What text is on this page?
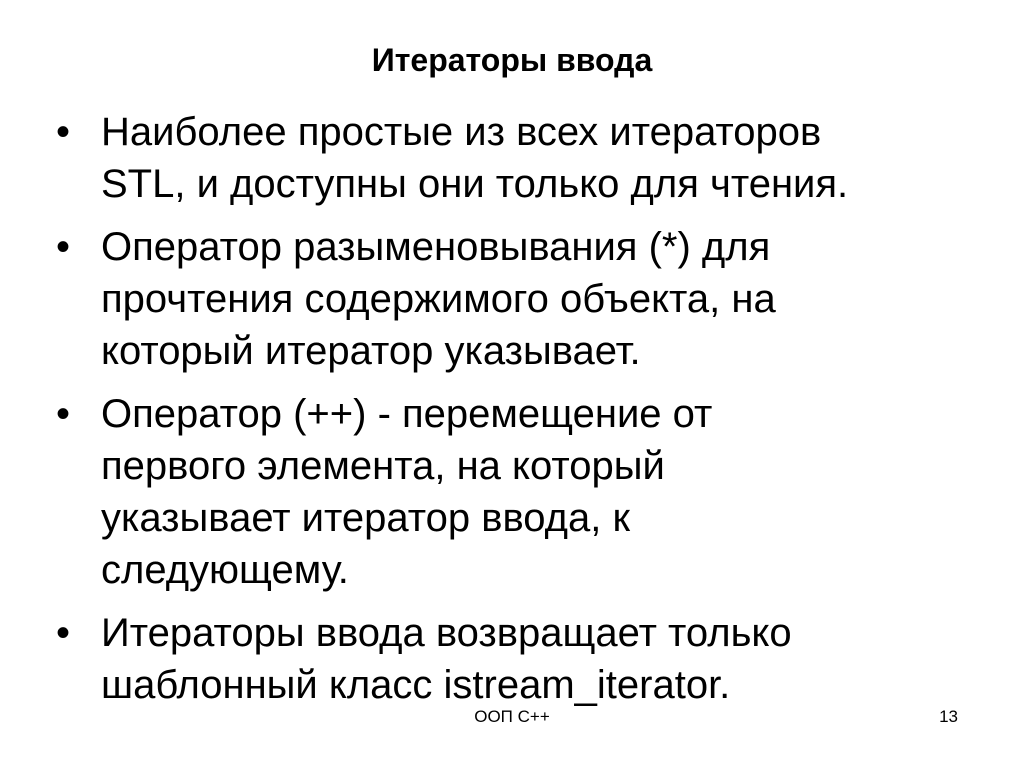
Итераторы ввода
• Наиболее простые из всех итераторов
STL, и доступны они только для чтения.
• Оператор разыменовывания (*) для
прочтения содержимого объекта, на
который итератор указывает.
• Оператор (++) - перемещение от
первого элемента, на который
указывает итератор ввода, к
следующему.
• Итераторы ввода возвращает только
шаблонный класс istream_iterator.
ООП C++	13
